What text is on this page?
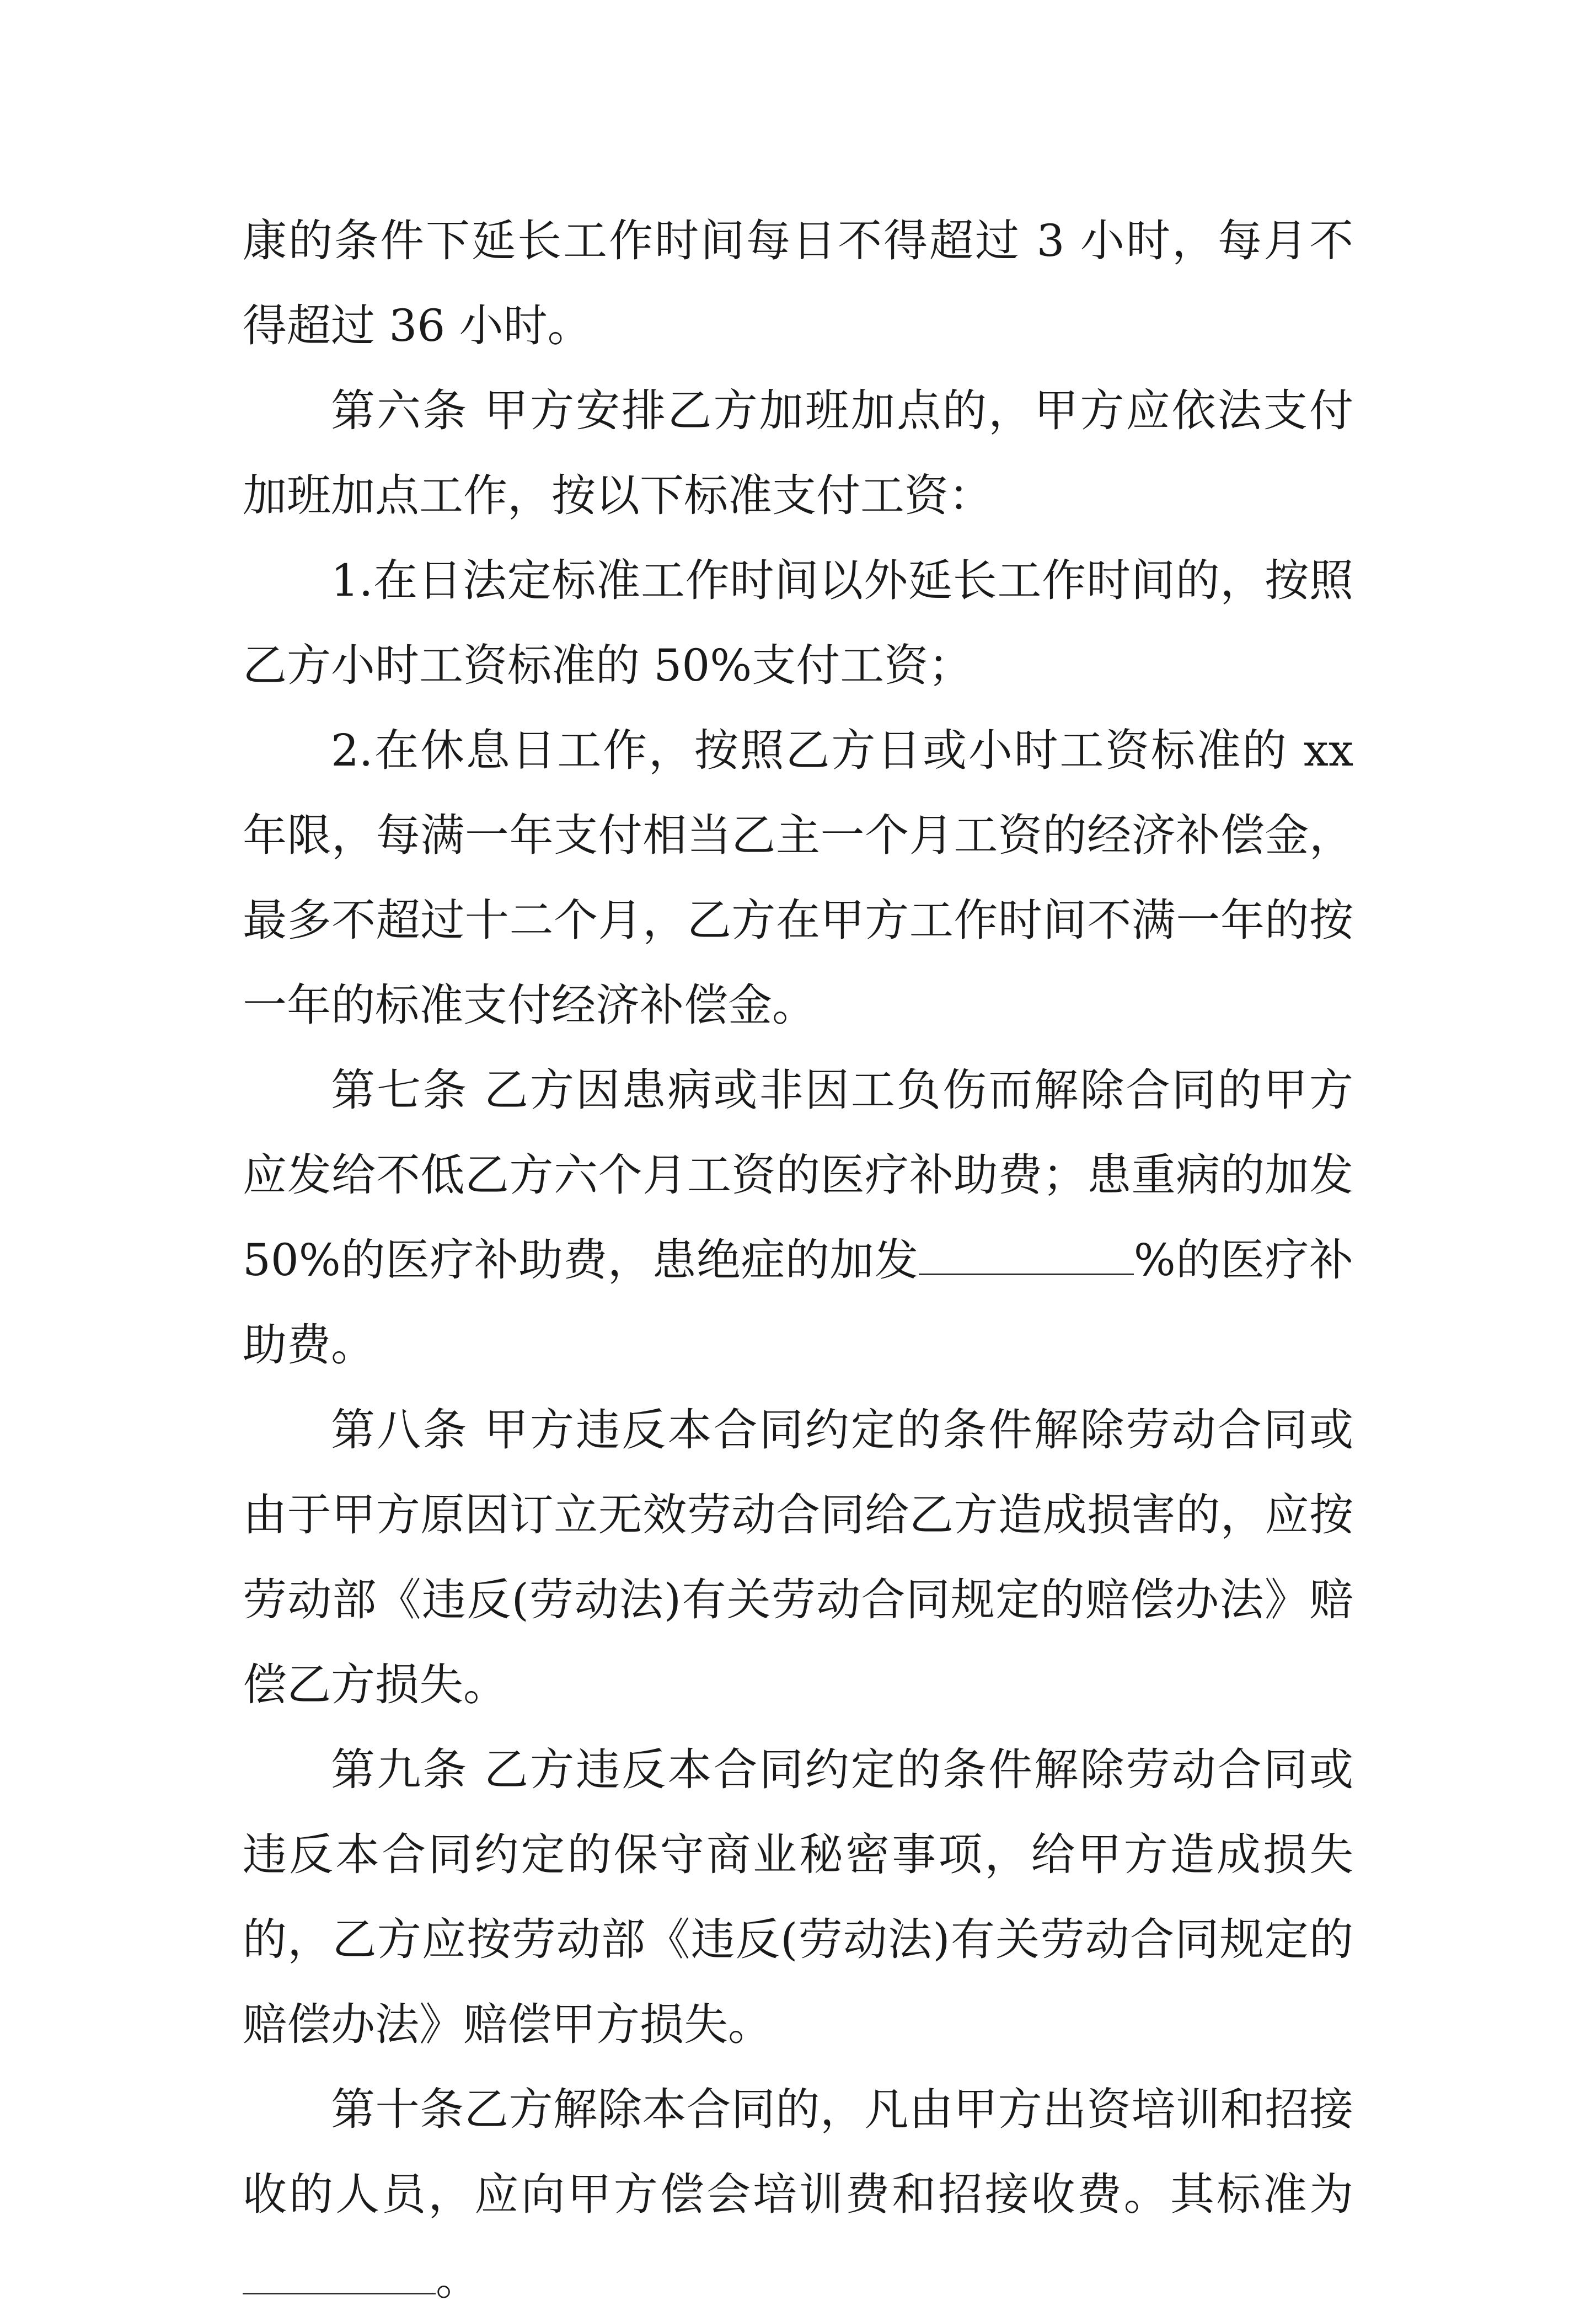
康的条件下延长工作时间每日不得超过 3 小时，每月不得超过 36 小时。

第六条 甲方安排乙方加班加点的，甲方应依法支付加班加点工作，按以下标准支付工资：

1.在日法定标准工作时间以外延长工作时间的，按照乙方小时工资标准的 50%支付工资；

2.在休息日工作，按照乙方日或小时工资标准的 xx 年限，每满一年支付相当乙主一个月工资的经济补偿金，最多不超过十二个月，乙方在甲方工作时间不满一年的按一年的标准支付经济补偿金。

第七条 乙方因患病或非因工负伤而解除合同的甲方应发给不低乙方六个月工资的医疗补助费；患重病的加发 50%的医疗补助费，患绝症的加发	%的医疗补助费。

第八条 甲方违反本合同约定的条件解除劳动合同或由于甲方原因订立无效劳动合同给乙方造成损害的，应按劳动部《违反(劳动法)有关劳动合同规定的赔偿办法》赔偿乙方损失。

第九条 乙方违反本合同约定的条件解除劳动合同或违反本合同约定的保守商业秘密事项，给甲方造成损失的，乙方应按劳动部《违反(劳动法)有关劳动合同规定的赔偿办法》赔偿甲方损失。

第十条乙方解除本合同的，凡由甲方出资培训和招接收的人员，应向甲方偿会培训费和招接收费。其标准为。
